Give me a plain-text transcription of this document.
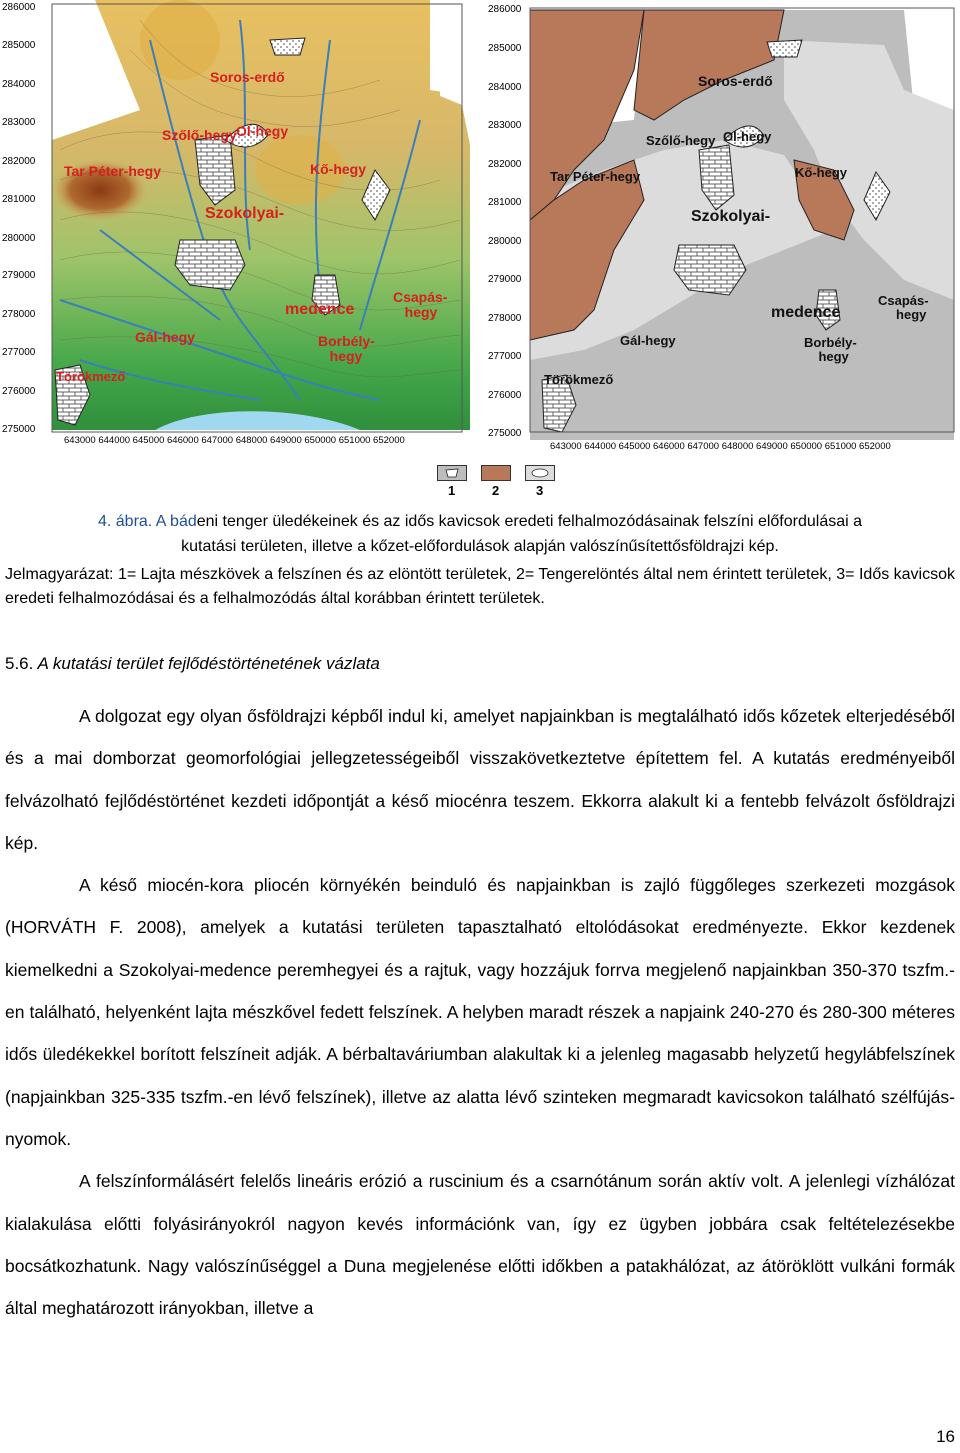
286000
285000
284000
283000
282000
281000
280000
279000
278000
277000
276000
275000
643000 644000 645000 646000 647000 648000 649000 650000 651000 652000
Soros-erdő
Szőlő-hegy Ol-hegy
Tar Péter-hegy	Kő-hegy
Szokolyai-
medence
Csapás-
hegy
Gál-hegy	Borbély-
hegy
Törökmező
286000
285000
284000
283000
282000
281000
280000
279000
278000
277000
276000
275000
643000 644000 645000 646000 647000 648000 649000 650000 651000 652000
Soros-erdő
Szőlő-hegy Ol-hegy
Tar Péter-hegy	Kő-hegy
Szokolyai-
medence
Csapás-
hegy
Gál-hegy	Borbély-
hegy
Törökmező
1	2	3
4. ábra. A bádeni tenger üledékeinek és az idős kavicsok eredeti felhalmozódásainak felszíni előfordulásai a
kutatási területen, illetve a kőzet-előfordulások alapján valószínűsítettősföldrajzi kép.
Jelmagyarázat: 1= Lajta mészkövek a felszínen és az elöntött területek, 2= Tengerelöntés által nem érintett területek, 3= Idős kavicsok eredeti felhalmozódásai és a felhalmozódás által korábban érintett területek.
5.6. A kutatási terület fejlődéstörténetének vázlata

A dolgozat egy olyan ősföldrajzi képből indul ki, amelyet napjainkban is megtalálható idős kőzetek elterjedéséből és a mai domborzat geomorfológiai jellegzetességeiből visszakövetkeztetve építettem fel. A kutatás eredményeiből felvázolható fejlődéstörténet kezdeti időpontját a késő miocénra teszem. Ekkorra alakult ki a fentebb felvázolt ősföldrajzi kép.

A késő miocén-kora pliocén környékén beinduló és napjainkban is zajló függőleges szerkezeti mozgások (HORVÁTH F. 2008), amelyek a kutatási területen tapasztalható eltolódásokat eredményezte. Ekkor kezdenek kiemelkedni a Szokolyai-medence peremhegyei és a rajtuk, vagy hozzájuk forrva megjelenő napjainkban 350-370 tszfm.-en található, helyenként lajta mészkővel fedett felszínek. A helyben maradt részek a napjaink 240-270 és 280-300 méteres idős üledékekkel borított felszíneit adják. A bérbaltaváriumban alakultak ki a jelenleg magasabb helyzetű hegylábfelszínek (napjainkban 325-335 tszfm.-en lévő felszínek), illetve az alatta lévő szinteken megmaradt kavicsokon található szélfújás-nyomok.

A felszínformálásért felelős lineáris erózió a ruscinium és a csarnótánum során aktív volt. A jelenlegi vízhálózat kialakulása előtti folyásirányokról nagyon kevés információnk van, így ez ügyben jobbára csak feltételezésekbe bocsátkozhatunk. Nagy valószínűséggel a Duna megjelenése előtti időkben a patakhálózat, az átöröklött vulkáni formák által meghatározott irányokban, illetve a

16
